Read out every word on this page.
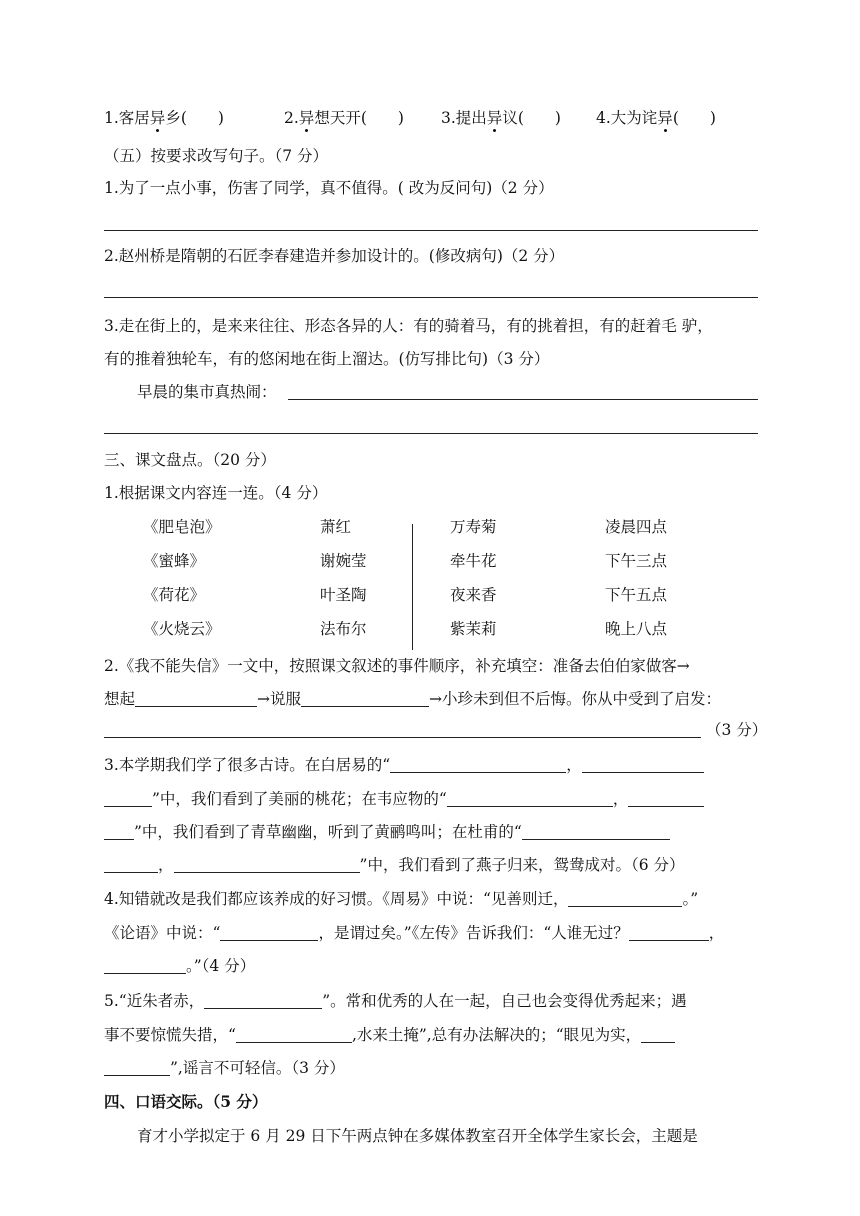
1.客居异乡(　　)	2.异想天开(　　) 3.提出异议(　　) 4.大为诧异(　　)
（五）按要求改写句子。（7 分）
1.为了一点小事，伤害了同学，真不值得。( 改为反问句)（2 分）
2.赵州桥是隋朝的石匠李春建造并参加设计的。(修改病句)（2 分）
3.走在街上的，是来来往往、形态各异的人：有的骑着马，有的挑着担，有的赶着毛 驴，
有的推着独轮车，有的悠闲地在街上溜达。(仿写排比句)（3 分）
早晨的集市真热闹：
三、课文盘点。（20 分）
1.根据课文内容连一连。（4 分）
《肥皂泡》	萧红	万寿菊	凌晨四点
《蜜蜂》	谢婉莹	牵牛花	下午三点
《荷花》	叶圣陶	夜来香	下午五点
《火烧云》	法布尔	紫茉莉	晚上八点
2.《我不能失信》一文中，按照课文叙述的事件顺序，补充填空：准备去伯伯家做客→
想起	→说服	→小珍未到但不后悔。你从中受到了启发：
（3 分）
3.本学期我们学了很多古诗。在白居易的“	，
”中，我们看到了美丽的桃花；在韦应物的“	，
”中，我们看到了青草幽幽，听到了黄鹂鸣叫；在杜甫的“
，	”中，我们看到了燕子归来，鸳鸯成对。（6 分）
4.知错就改是我们都应该养成的好习惯。《周易》中说：“见善则迁，	。”
《论语》中说：“	，是谓过矣。”《左传》告诉我们：“人谁无过？	，
。”（4 分）
5.“近朱者赤，	”。常和优秀的人在一起，自己也会变得优秀起来；遇
事不要惊慌失措，“	,水来土掩”,总有办法解决的；“眼见为实，
”,谣言不可轻信。（3 分）
四、口语交际。（5 分）
育才小学拟定于 6 月 29 日下午两点钟在多媒体教室召开全体学生家长会，主题是
